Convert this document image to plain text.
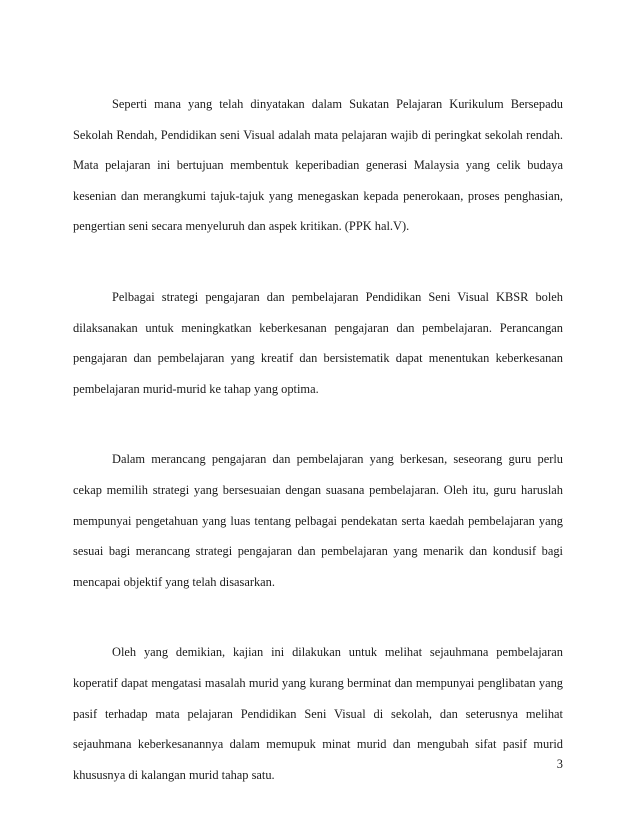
Seperti mana yang telah dinyatakan dalam Sukatan Pelajaran Kurikulum Bersepadu Sekolah Rendah, Pendidikan seni Visual adalah mata pelajaran wajib di peringkat sekolah rendah. Mata pelajaran ini bertujuan membentuk keperibadian generasi Malaysia yang celik budaya kesenian dan merangkumi tajuk-tajuk yang menegaskan kepada penerokaan, proses penghasian, pengertian seni secara menyeluruh dan aspek kritikan. (PPK hal.V).

Pelbagai strategi pengajaran dan pembelajaran Pendidikan Seni Visual KBSR boleh dilaksanakan untuk meningkatkan keberkesanan pengajaran dan pembelajaran. Perancangan pengajaran dan pembelajaran yang kreatif dan bersistematik dapat menentukan keberkesanan pembelajaran murid-murid ke tahap yang optima.

Dalam merancang pengajaran dan pembelajaran yang berkesan, seseorang guru perlu cekap memilih strategi yang bersesuaian dengan suasana pembelajaran. Oleh itu, guru haruslah mempunyai pengetahuan yang luas tentang pelbagai pendekatan serta kaedah pembelajaran yang sesuai bagi merancang strategi pengajaran dan pembelajaran yang menarik dan kondusif bagi mencapai objektif yang telah disasarkan.

Oleh yang demikian, kajian ini dilakukan untuk melihat sejauhmana pembelajaran koperatif dapat mengatasi masalah murid yang kurang berminat dan mempunyai penglibatan yang pasif terhadap mata pelajaran Pendidikan Seni Visual di sekolah, dan seterusnya melihat sejauhmana keberkesanannya dalam memupuk minat murid dan mengubah sifat pasif murid khususnya di kalangan murid tahap satu.

3
